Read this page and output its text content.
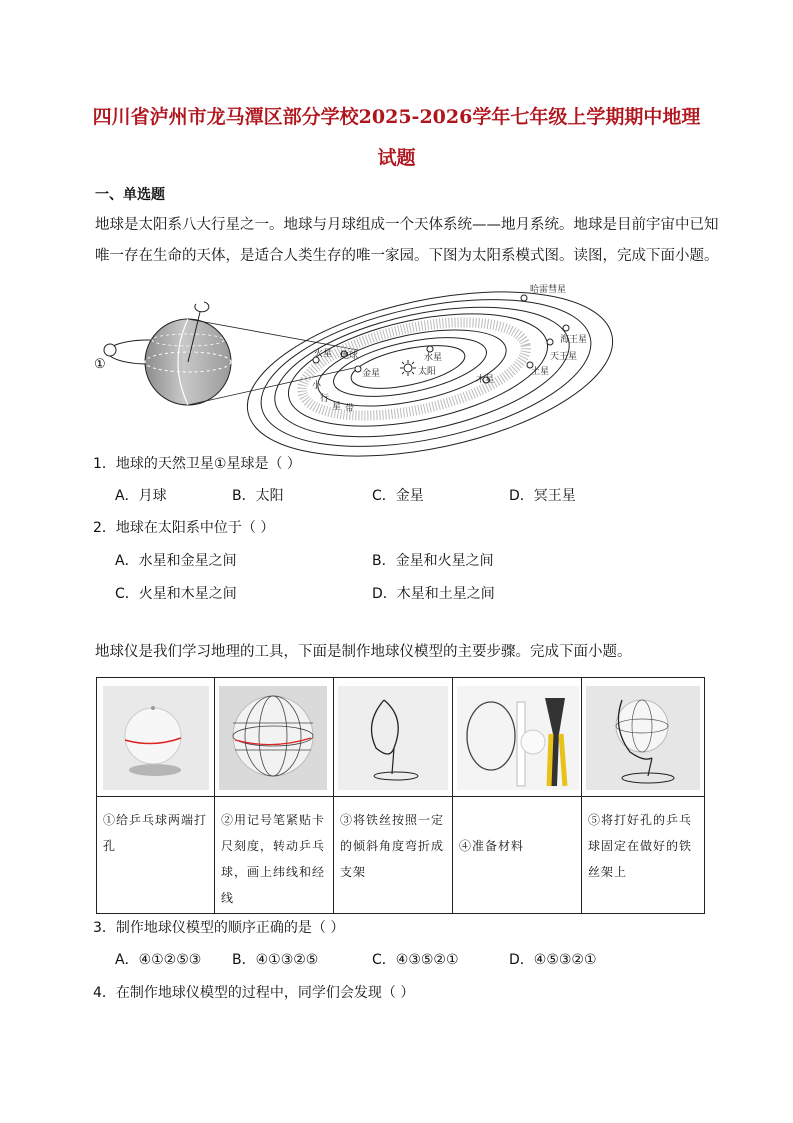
四川省泸州市龙马潭区部分学校2025-2026学年七年级上学期期中地理
试题
一、单选题
地球是太阳系八大行星之一。地球与月球组成一个天体系统——地月系统。地球是目前宇宙中已知
唯一存在生命的天体，是适合人类生存的唯一家园。下图为太阳系模式图。读图，完成下面小题。
①
哈雷彗星
海王星
天王星
土星
木星
火星 地球
金星
水星
太阳
小
行
星 带
1．地球的天然卫星①星球是（ ）
A．月球	B．太阳	C．金星	D．冥王星
2．地球在太阳系中位于（ ）
A．水星和金星之间	B．金星和火星之间
C．火星和木星之间	D．木星和土星之间
地球仪是我们学习地理的工具，下面是制作地球仪模型的主要步骤。完成下面小题。

①给乒乓球两端打孔	②用记号笔紧贴卡尺刻度，转动乒乓球，画上纬线和经线	③将铁丝按照一定的倾斜角度弯折成支架	④准备材料	⑤将打好孔的乒乓球固定在做好的铁丝架上
3．制作地球仪模型的顺序正确的是（ ）
A．④①②⑤③ B．④①③②⑤	C．④③⑤②①	D．④⑤③②①
4．在制作地球仪模型的过程中，同学们会发现（ ）
